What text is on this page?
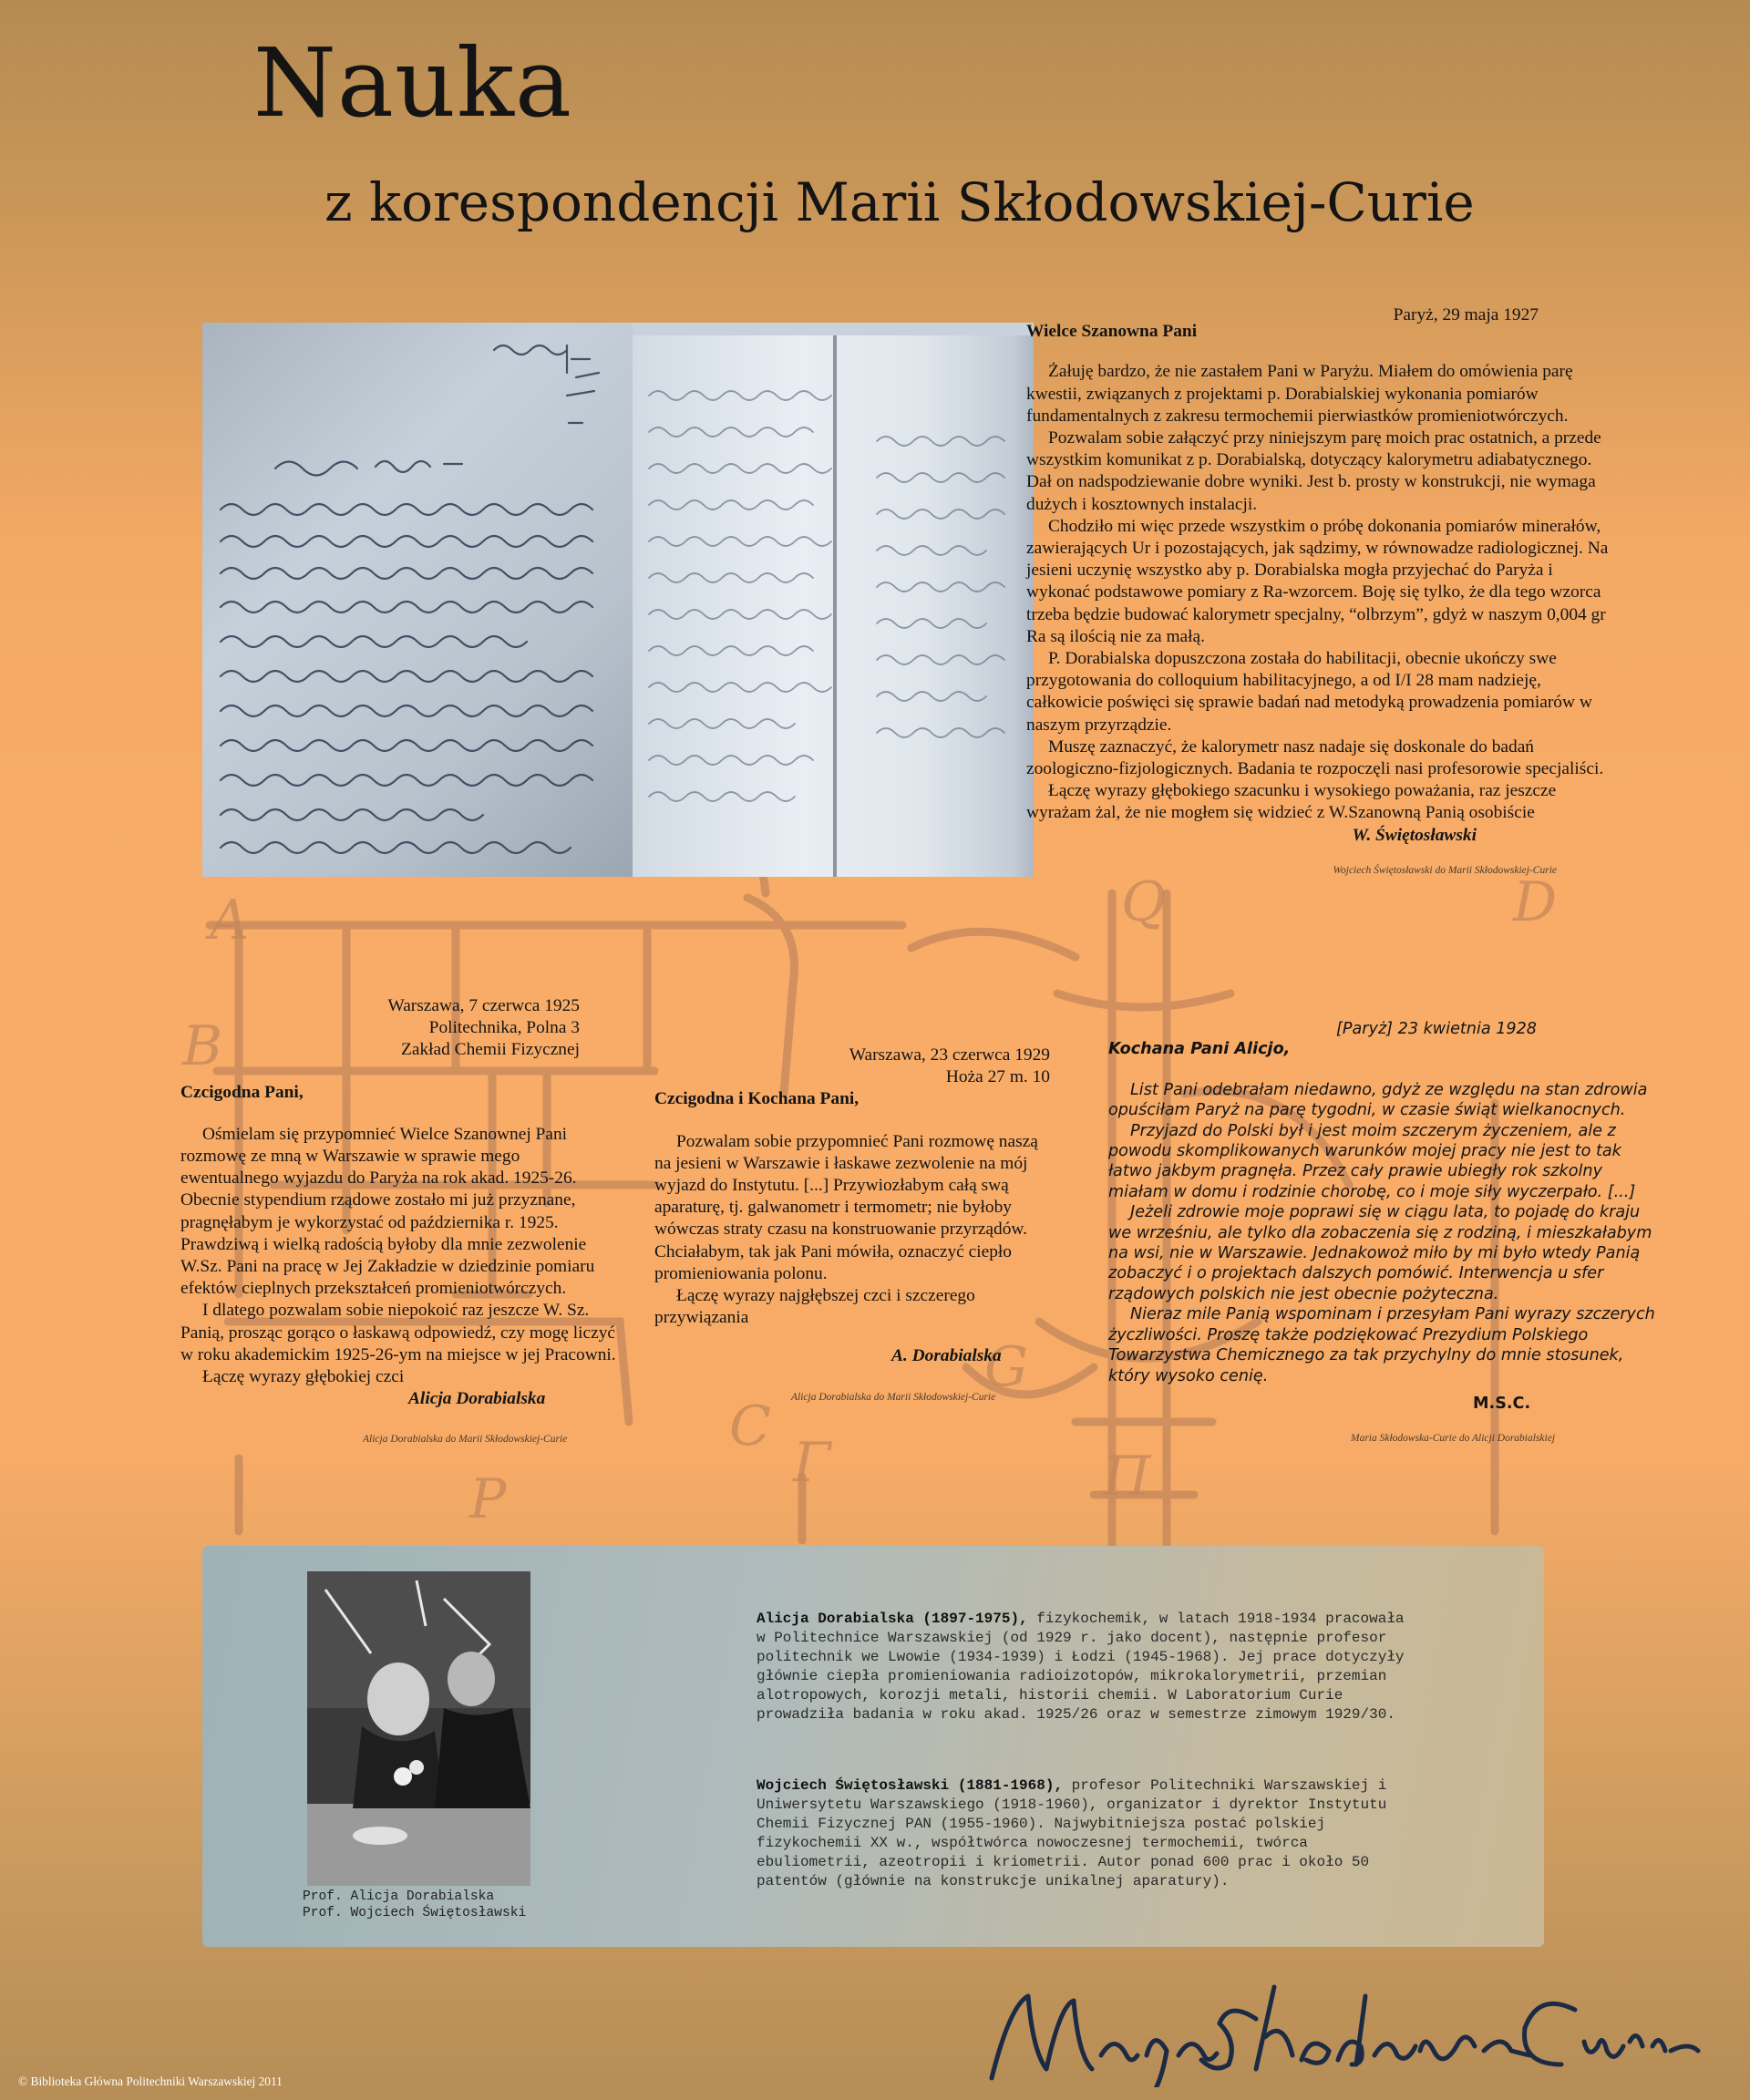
A	Q	D
B
C
Π
P
Γ
G
Nauka
z korespondencji Marii Skłodowskiej-Curie

Paryż, 29 maja 1927

Wielce Szanowna Pani

Żałuję bardzo, że nie zastałem Pani w Paryżu. Miałem do omówienia parę kwestii, związanych z projektami p. Dorabialskiej wykonania pomiarów fundamentalnych z zakresu termochemii pierwiastków promieniotwórczych.

Pozwalam sobie załączyć przy niniejszym parę moich prac ostatnich, a przede wszystkim komunikat z p. Dorabialską, dotyczący kalorymetru adiabatycznego. Dał on nadspodziewanie dobre wyniki. Jest b. prosty w konstrukcji, nie wymaga dużych i kosztownych instalacji.

Chodziło mi więc przede wszystkim o próbę dokonania pomiarów minerałów, zawierających Ur i pozostających, jak sądzimy, w równowadze radiologicznej. Na jesieni uczynię wszystko aby p. Dorabialska mogła przyjechać do Paryża i wykonać podstawowe pomiary z Ra-wzorcem. Boję się tylko, że dla tego wzorca trzeba będzie budować kalorymetr specjalny, “olbrzym”, gdyż w naszym 0,004 gr Ra są ilością nie za małą.

P. Dorabialska dopuszczona została do habilitacji, obecnie ukończy swe przygotowania do colloquium habilitacyjnego, a od I/I 28 mam nadzieję, całkowicie poświęci się sprawie badań nad metodyką prowadzenia pomiarów w naszym przyrządzie.

Muszę zaznaczyć, że kalorymetr nasz nadaje się doskonale do badań zoologiczno-fizjologicznych. Badania te rozpoczęli nasi profesorowie specjaliści.

Łączę wyrazy głębokiego szacunku i wysokiego poważania, raz jeszcze wyrażam żal, że nie mogłem się widzieć z W.Szanowną Panią osobiście

W. Świętosławski

Wojciech Świętosławski do Marii Skłodowskiej-Curie

Warszawa, 7 czerwca 1925
Politechnika, Polna 3
Zakład Chemii Fizycznej

Czcigodna Pani,

Ośmielam się przypomnieć Wielce Szanownej Pani rozmowę ze mną w Warszawie w sprawie mego ewentualnego wyjazdu do Paryża na rok akad. 1925-26. Obecnie stypendium rządowe zostało mi już przyznane, pragnęłabym je wykorzystać od października r. 1925. Prawdziwą i wielką radością byłoby dla mnie zezwolenie W.Sz. Pani na pracę w Jej Zakładzie w dziedzinie pomiaru efektów cieplnych przekształceń promieniotwórczych.

I dlatego pozwalam sobie niepokoić raz jeszcze W. Sz. Panią, prosząc gorąco o łaskawą odpowiedź, czy mogę liczyć w roku akademickim 1925-26-ym na miejsce w jej Pracowni.

Łączę wyrazy głębokiej czci

Alicja Dorabialska

Alicja Dorabialska do Marii Skłodowskiej-Curie

Warszawa, 23 czerwca 1929
Hoża 27 m. 10

Czcigodna i Kochana Pani,

Pozwalam sobie przypomnieć Pani rozmowę naszą na jesieni w Warszawie i łaskawe zezwolenie na mój wyjazd do Instytutu. [...] Przywiozłabym całą swą aparaturę, tj. galwanometr i termometr; nie byłoby wówczas straty czasu na konstruowanie przyrządów. Chciałabym, tak jak Pani mówiła, oznaczyć ciepło promieniowania polonu.

Łączę wyrazy najgłębszej czci i szczerego przywiązania

A. Dorabialska

Alicja Dorabialska do Marii Skłodowskiej-Curie

[Paryż] 23 kwietnia 1928

Kochana Pani Alicjo,

List Pani odebrałam niedawno, gdyż ze względu na stan zdrowia opuściłam Paryż na parę tygodni, w czasie świąt wielkanocnych.

Przyjazd do Polski był i jest moim szczerym życzeniem, ale z powodu skomplikowanych warunków mojej pracy nie jest to tak łatwo jakbym pragnęła. Przez cały prawie ubiegły rok szkolny miałam w domu i rodzinie chorobę, co i moje siły wyczerpało. [...]

Jeżeli zdrowie moje poprawi się w ciągu lata, to pojadę do kraju we wrześniu, ale tylko dla zobaczenia się z rodziną, i mieszkałabym na wsi, nie w Warszawie. Jednakowoż miło by mi było wtedy Panią zobaczyć i o projektach dalszych pomówić. Interwencja u sfer rządowych polskich nie jest obecnie pożyteczna.

Nieraz mile Panią wspominam i przesyłam Pani wyrazy szczerych życzliwości. Proszę także podziękować Prezydium Polskiego Towarzystwa Chemicznego za tak przychylny do mnie stosunek, który wysoko cenię.

M.S.C.

Maria Skłodowska-Curie do Alicji Dorabialskiej

Prof. Alicja Dorabialska
Prof. Wojciech Świętosławski

Alicja Dorabialska (1897-1975), fizykochemik, w latach 1918-1934 pracowała w Politechnice Warszawskiej (od 1929 r. jako docent), następnie profesor politechnik we Lwowie (1934-1939) i Łodzi (1945-1968). Jej prace dotyczyły głównie ciepła promieniowania radioizotopów, mikrokalorymetrii, przemian alotropowych, korozji metali, historii chemii. W Laboratorium Curie prowadziła badania w roku akad. 1925/26 oraz w semestrze zimowym 1929/30.

Wojciech Świętosławski (1881-1968), profesor Politechniki Warszawskiej i Uniwersytetu Warszawskiego (1918-1960), organizator i dyrektor Instytutu Chemii Fizycznej PAN (1955-1960). Najwybitniejsza postać polskiej fizykochemii XX w., współtwórca nowoczesnej termochemii, twórca ebuliometrii, azeotropii i kriometrii. Autor ponad 600 prac i około 50 patentów (głównie na konstrukcje unikalnej aparatury).

© Biblioteka Główna Politechniki Warszawskiej 2011
